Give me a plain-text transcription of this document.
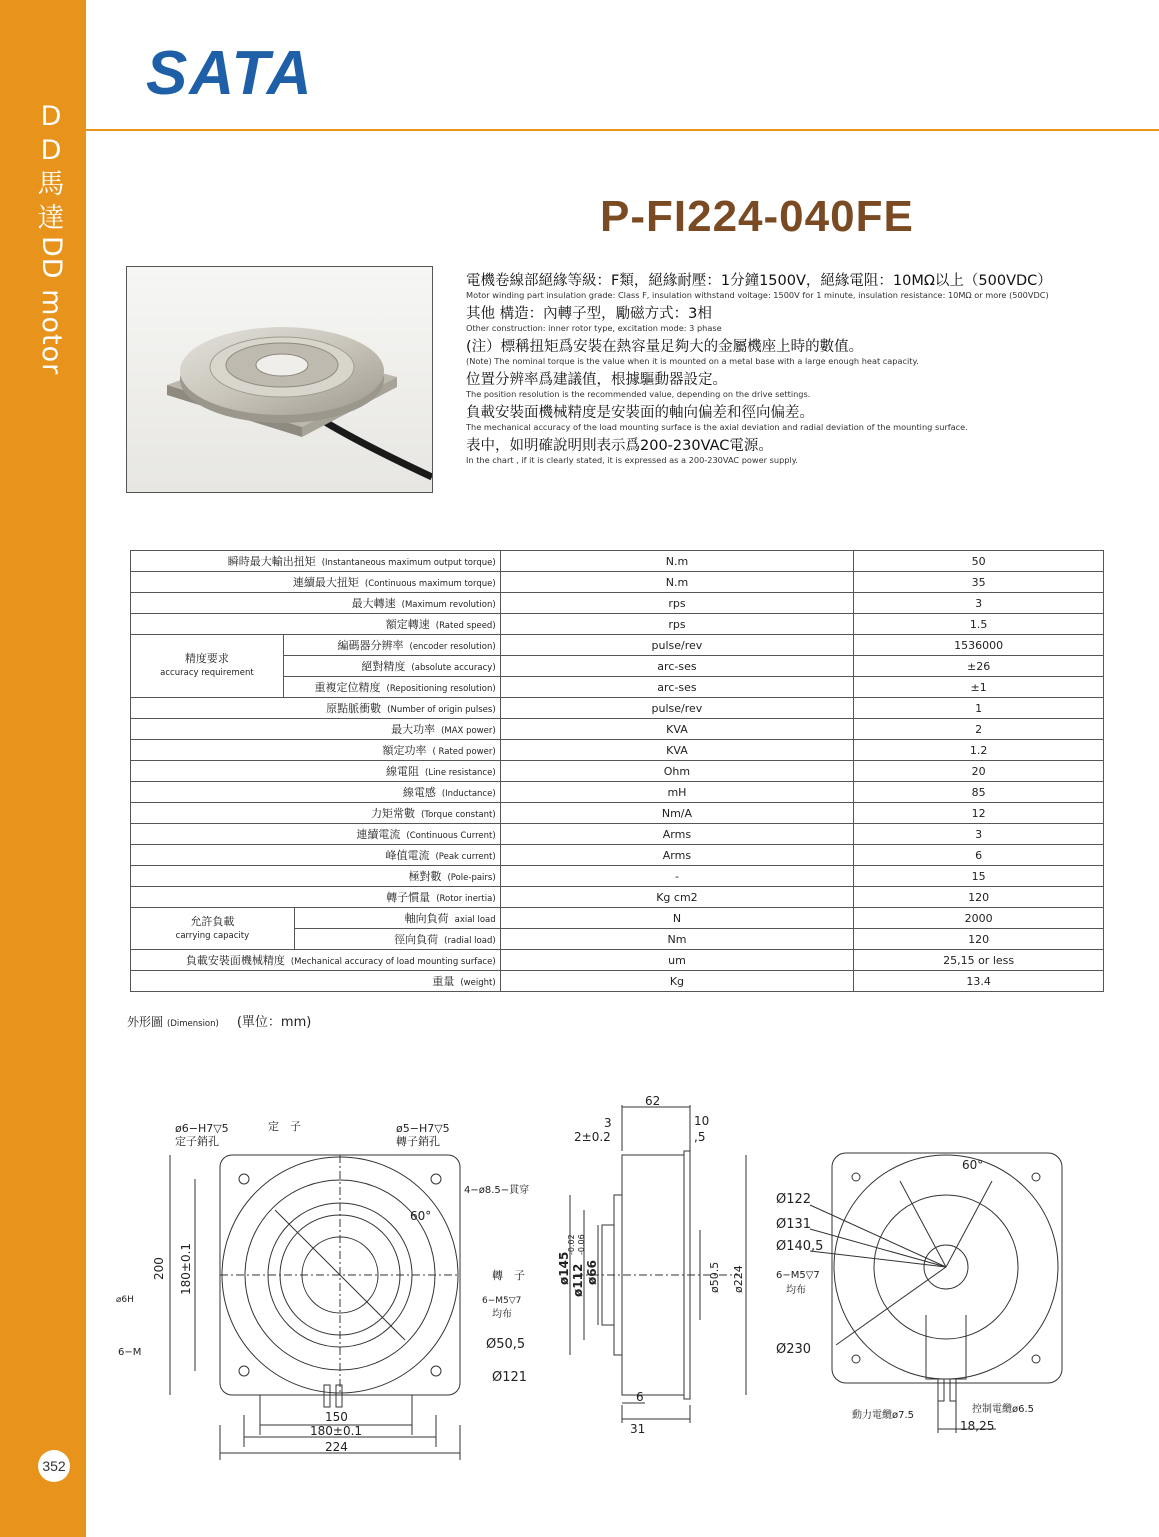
D
D
馬
達
DD motor
352
SATA
P-FI224-040FE
電機卷線部絕緣等級：F類，絕緣耐壓：1分鐘1500V，絕緣電阻：10MΩ以上（500VDC）
Motor winding part insulation grade: Class F, insulation withstand voltage: 1500V for 1 minute, insulation resistance: 10MΩ or more (500VDC)
其他 構造：內轉子型，勵磁方式：3相
Other construction: inner rotor type, excitation mode: 3 phase
(注）標稱扭矩爲安裝在熱容量足夠大的金屬機座上時的數值。
(Note) The nominal torque is the value when it is mounted on a metal base with a large enough heat capacity.
位置分辨率爲建議值，根據驅動器設定。
The position resolution is the recommended value, depending on the drive settings.
負載安裝面機械精度是安裝面的軸向偏差和徑向偏差。
The mechanical accuracy of the load mounting surface is the axial deviation and radial deviation of the mounting surface.
表中，如明確說明則表示爲200-230VAC電源。
In the chart , if it is clearly stated, it is expressed as a 200-230VAC power supply.
瞬時最大輸出扭矩 (Instantaneous maximum output torque)			N.m	50
連續最大扭矩 (Continuous maximum torque)			N.m	35
最大轉速 (Maximum revolution)			rps	3
額定轉速 (Rated speed)			rps	1.5
精度要求
accuracy requirement	編碼器分辨率 (encoder resolution)		pulse/rev	1536000
	絕對精度 (absolute accuracy)		arc-ses	±26
	重複定位精度 (Repositioning resolution)		arc-ses	±1
原點脈衝數 (Number of origin pulses)			pulse/rev	1
最大功率 (MAX power)			KVA	2
額定功率 ( Rated power)			KVA	1.2
線電阻 (Line resistance)			Ohm	20
線電感 (Inductance)			mH	85
力矩常數 (Torque constant)			Nm/A	12
連續電流 (Continuous Current)			Arms	3
峰值電流 (Peak current)			Arms	6
極對數 (Pole-pairs)			-	15
轉子慣量 (Rotor inertia)			Kg cm2	120
允許負載
carrying capacity		軸向負荷 axial load	N	2000
		徑向負荷 (radial load)	Nm	120
負載安裝面機械精度 (Mechanical accuracy of load mounting surface)			um	25,15 or less
重量 (weight)			Kg	13.4
外形圖 (Dimension) (單位：mm)
ø6−H7▽5
定子銷孔
定　子	ø5−H7▽5
轉子銷孔
4−ø8.5−貫穿
60°
轉　子
6−M5▽7
均布
Ø50,5
Ø121
200 180±0.1
150
180±0.1
224
⌀6H
6−M
62
3
2±0.2
10
,5
ø145 ø112
-0.02 -0.06
ø66	ø50.5 ø224
6
31
60°
Ø122
Ø131
Ø140,5
6−M5▽7
均布
Ø230
動力電纜ø7.5
控制電纜ø6.5
18,25
